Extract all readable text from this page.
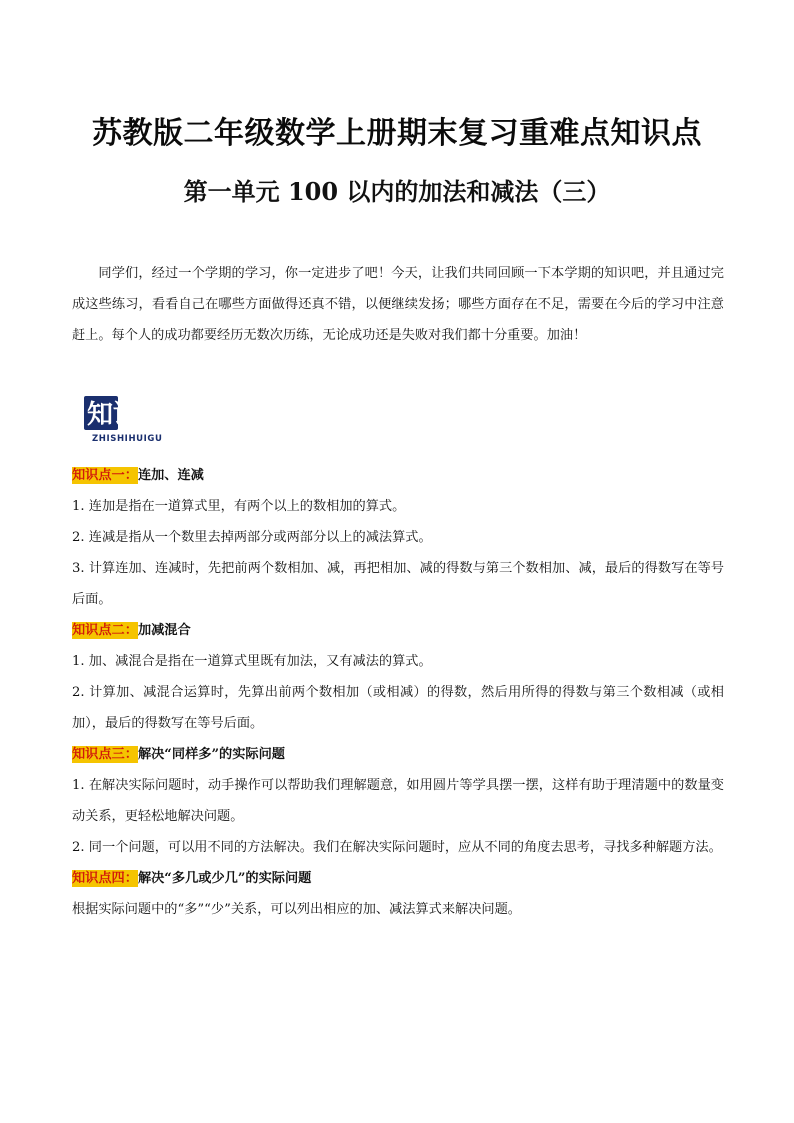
苏教版二年级数学上册期末复习重难点知识点
第一单元 100 以内的加法和减法（三）
同学们，经过一个学期的学习，你一定进步了吧！今天，让我们共同回顾一下本学期的知识吧，并且通过完成这些练习，看看自己在哪些方面做得还真不错，以便继续发扬；哪些方面存在不足，需要在今后的学习中注意赶上。每个人的成功都要经历无数次历练，无论成功还是失败对我们都十分重要。加油！
知识回顾
ZHISHIHUIGU
知识点一：连加、连减
1. 连加是指在一道算式里，有两个以上的数相加的算式。
2. 连减是指从一个数里去掉两部分或两部分以上的减法算式。
3. 计算连加、连减时，先把前两个数相加、减，再把相加、减的得数与第三个数相加、减，最后的得数写在等号后面。
知识点二：加减混合
1. 加、减混合是指在一道算式里既有加法，又有减法的算式。
2. 计算加、减混合运算时，先算出前两个数相加（或相减）的得数，然后用所得的得数与第三个数相减（或相加），最后的得数写在等号后面。
知识点三：解决“同样多”的实际问题
1. 在解决实际问题时，动手操作可以帮助我们理解题意，如用圆片等学具摆一摆，这样有助于理清题中的数量变动关系，更轻松地解决问题。
2. 同一个问题，可以用不同的方法解决。我们在解决实际问题时，应从不同的角度去思考，寻找多种解题方法。
知识点四：解决“多几或少几”的实际问题
根据实际问题中的“多”“少”关系，可以列出相应的加、减法算式来解决问题。
